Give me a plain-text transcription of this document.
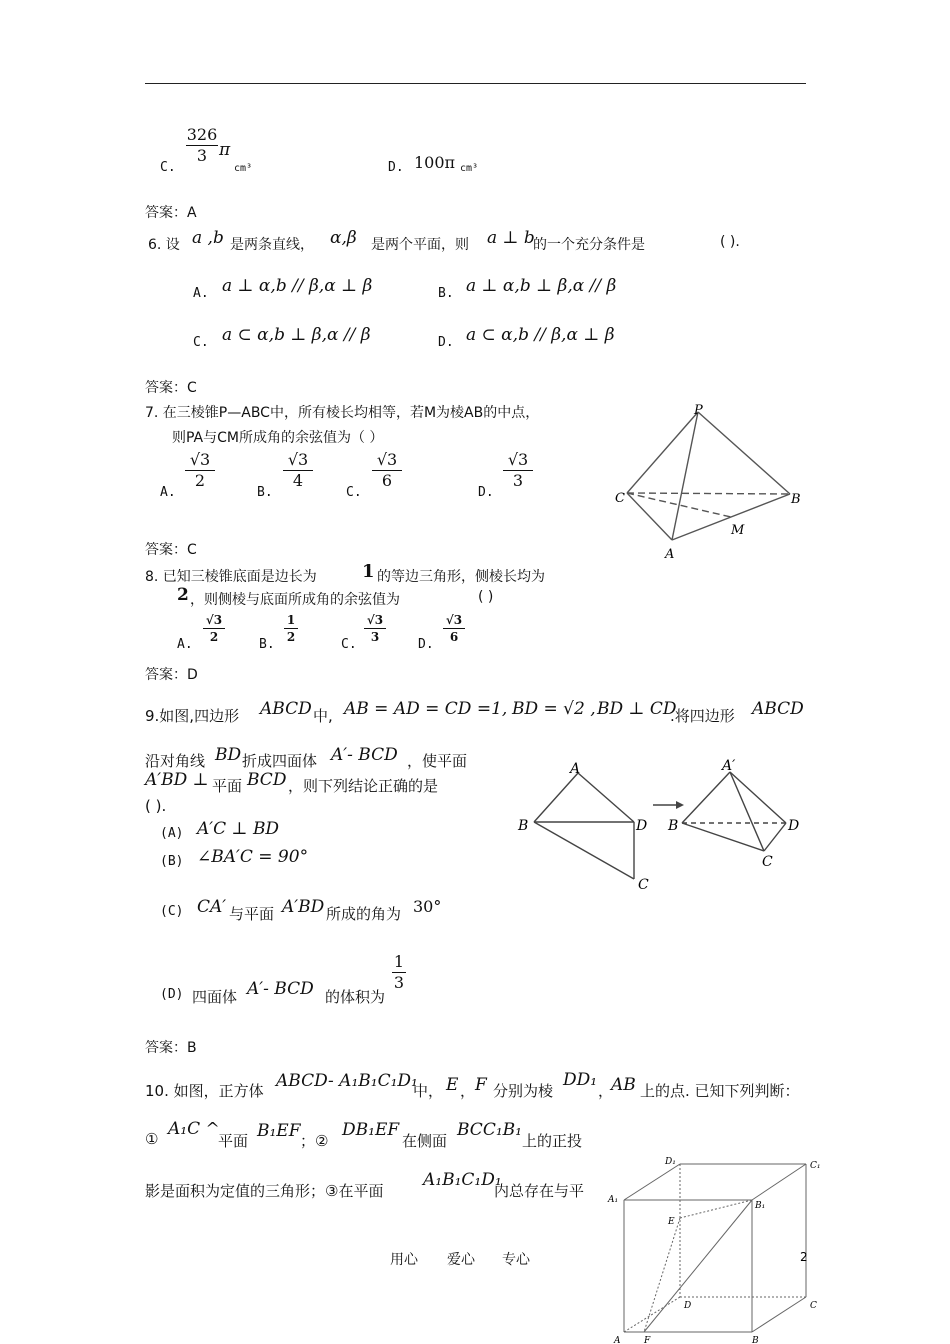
C.
326
3 π
cm³	D. 100π cm³
答案：A
6. 设 a ,b 是两条直线， α,β 是两个平面，则 a ⊥ b
的一个充分条件是	( ).
A. a ⊥ α,b // β,α ⊥ β	B. a ⊥ α,b ⊥ β,α // β
C. a ⊂ α,b ⊥ β,α // β	D. a ⊂ α,b // β,α ⊥ β
答案：C
7. 在三棱锥P—ABC中，所有棱长均相等，若M为棱AB的中点，
则PA与CM所成角的余弦值为（ ）
A.
√3
2
B.
√3
4
C.
√3
6
D.
√3
3
答案：C
P
C	B
A
M
8. 已知三棱锥底面是边长为	1 的等边三角形，侧棱长均为
2 ，则侧棱与底面所成角的余弦值为	( )
A.
√3
2	B.
1
2	C.
√3
3	D.
√3
6
答案：D
9.如图,四边形 ABCD 中, AB = AD = CD =1, BD = √2 , BD ⊥ CD
.将四边形 ABCD
沿对角线 BD 折成四面体 A′- BCD ，使平面
A′BD ⊥ 平面 BCD ，则下列结论正确的是
( ).
(A) A′C ⊥ BD
(B) ∠BA′C = 90°
(C) CA′ 与平面 A′BD 所成的角为 30°
(D) 四面体 A′- BCD 的体积为
1
3
答案：B
A
B	D
C
A′
B	D
C
10. 如图，正方体 ABCD- A₁B₁C₁D₁
中， E ， F 分别为棱
DD₁
，
AB 上的点. 已知下列判断：
① A₁C ^
平面 B₁EF ；②
DB₁EF
在侧面
BCC₁B₁
上的正投
影是面积为定值的三角形；③在平面
A₁B₁C₁D₁
内总存在与平
D₁	C₁
A₁
B₁
E
D	C
A	F	B
2
用心 爱心 专心
